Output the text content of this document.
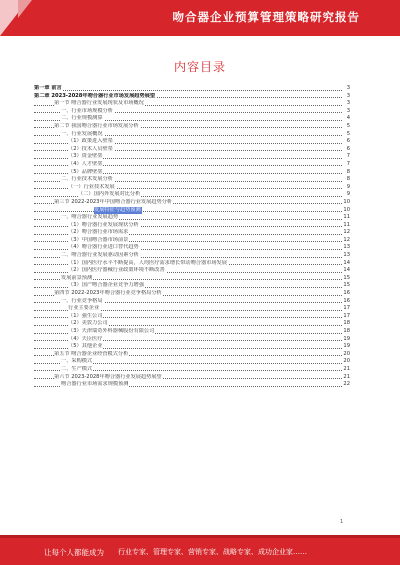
吻合器企业预算管理策略研究报告
内容目录
第一章 前言	3
第二章 2023-2028年吻合器行业市场发展趋势展望	3
第一节 吻合器行业发展现状及市场概况	3
一、行业市场规模分析	3
二、行业规模测算	4
第二节 我国吻合器行业市场发展分析	5
一、行业发展概况	5
（1）政策进入壁垒	6
（2）技术人员壁垒	6
（3）资金壁垒	7
（4）人才壁垒	7
（5）品牌壁垒	8
二、行业技术发展分析	8
（一）行业技术发展	9
（二）国内外发展对比分析	9
第三节 2022-2023年中国吻合器行业发展趋势分析	10
发展特征与趋势预测	10
一、吻合器行业发展趋势	11
（1）吻合器行业发展现状分析	11
（2）吻合器行业市场需求	12
（3）中国吻合器市场前景	12
（4）吻合器行业进口替代趋势	13
二、吻合器行业发展驱动因素分析	13
（1）国内医疗水平不断提高，人均医疗需求增长带动吻合器市场发展	14
（2）国内医疗器械行业政策环境不断改善	14
发展前景预测	15
（3）国产吻合器企业竞争力增强	15
第四节 2022-2023年吻合器行业竞争格局分析	16
一、行业竞争格局	16
行业主要企业	17
（1）强生公司	17
（2）美敦力公司	18
（3）天津瑞奇外科器械股份有限公司	18
（4）天臣医疗	19
（5）其他企业	19
第五节 吻合器企业经营模式分析	20
一、采购模式	20
二、生产模式	21
第六节 2023-2028年吻合器行业发展趋势展望	21
吻合器行业市场需求规模预测	22
1
让每个人都能成为 行业专家、管理专家、营销专家、战略专家、成功企业家……
